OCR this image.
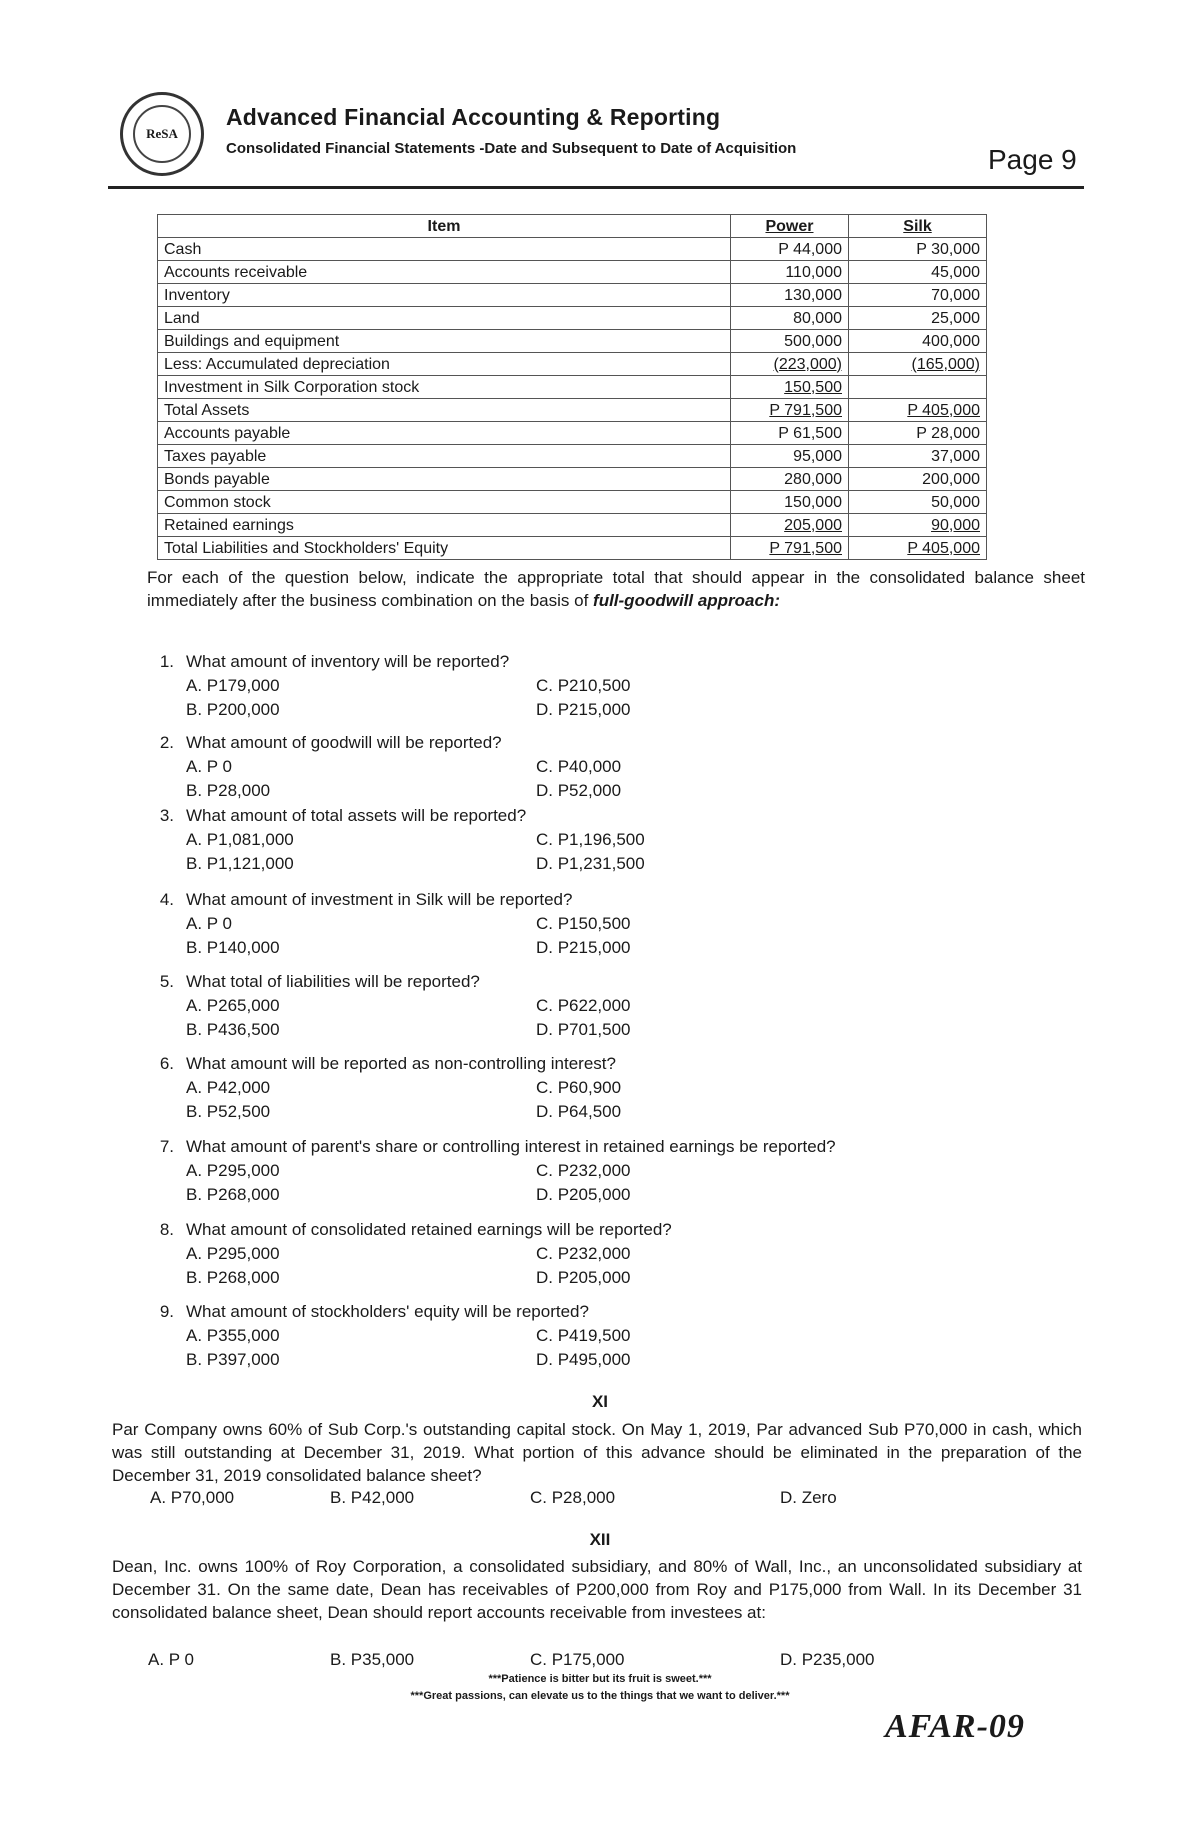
ReSA
Advanced Financial Accounting & Reporting
Consolidated Financial Statements -Date and Subsequent to Date of Acquisition	Page 9
Item	Power	Silk
Cash	P 44,000	P 30,000
Accounts receivable	110,000	45,000
Inventory	130,000	70,000
Land	80,000	25,000
Buildings and equipment	500,000	400,000
Less: Accumulated depreciation	(223,000)	(165,000)
Investment in Silk Corporation stock	150,500	
Total Assets	P 791,500	P 405,000
Accounts payable	P 61,500	P 28,000
Taxes payable	95,000	37,000
Bonds payable	280,000	200,000
Common stock	150,000	50,000
Retained earnings	205,000	90,000
Total Liabilities and Stockholders' Equity	P 791,500	P 405,000
For each of the question below, indicate the appropriate total that should appear in the consolidated balance sheet immediately after the business combination on the basis of full-goodwill approach:
1. What amount of inventory will be reported?
A. P179,000
B. P200,000
C. P210,500
D. P215,000
2. What amount of goodwill will be reported?
A. P 0
B. P28,000
C. P40,000
D. P52,000
3. What amount of total assets will be reported?
A. P1,081,000
B. P1,121,000
C. P1,196,500
D. P1,231,500
4. What amount of investment in Silk will be reported?
A. P 0
B. P140,000
C. P150,500
D. P215,000
5. What total of liabilities will be reported?
A. P265,000
B. P436,500
C. P622,000
D. P701,500
6. What amount will be reported as non-controlling interest?
A. P42,000
B. P52,500
C. P60,900
D. P64,500
7. What amount of parent's share or controlling interest in retained earnings be reported?
A. P295,000
B. P268,000
C. P232,000
D. P205,000
8. What amount of consolidated retained earnings will be reported?
A. P295,000
B. P268,000
C. P232,000
D. P205,000
9. What amount of stockholders' equity will be reported?
A. P355,000
B. P397,000
C. P419,500
D. P495,000
XI
Par Company owns 60% of Sub Corp.'s outstanding capital stock. On May 1, 2019, Par advanced Sub P70,000 in cash, which was still outstanding at December 31, 2019. What portion of this advance should be eliminated in the preparation of the December 31, 2019 consolidated balance sheet?
A. P70,000	B. P42,000	C. P28,000	D. Zero
XII
Dean, Inc. owns 100% of Roy Corporation, a consolidated subsidiary, and 80% of Wall, Inc., an unconsolidated subsidiary at December 31. On the same date, Dean has receivables of P200,000 from Roy and P175,000 from Wall. In its December 31 consolidated balance sheet, Dean should report accounts receivable from investees at:
A. P 0	B. P35,000	C. P175,000	D. P235,000
***Patience is bitter but its fruit is sweet.***
***Great passions, can elevate us to the things that we want to deliver.***
AFAR-09
